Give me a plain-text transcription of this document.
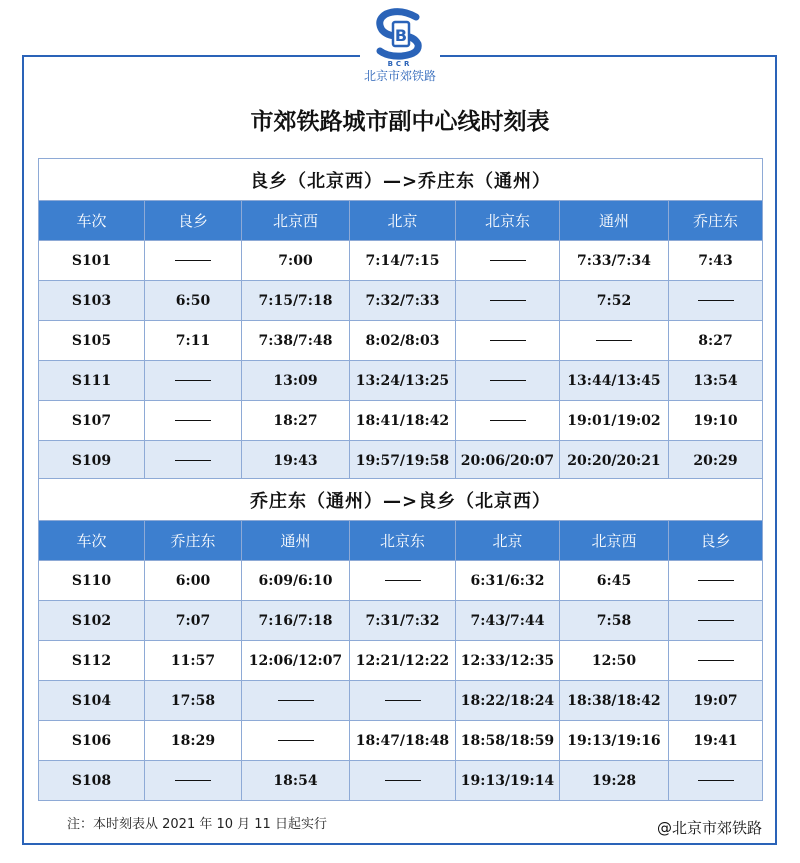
B
BCR
北京市郊铁路
市郊铁路城市副中心线时刻表
良乡（北京西）—>乔庄东（通州）						
车次	良乡	北京西	北京	北京东	通州	乔庄东
S101		7:00	7:14/7:15		7:33/7:34	7:43
S103	6:50	7:15/7:18	7:32/7:33		7:52	
S105	7:11	7:38/7:48	8:02/8:03			8:27
S111		13:09	13:24/13:25		13:44/13:45	13:54
S107		18:27	18:41/18:42		19:01/19:02	19:10
S109		19:43	19:57/19:58	20:06/20:07	20:20/20:21	20:29
乔庄东（通州）—>良乡（北京西）						
车次	乔庄东	通州	北京东	北京	北京西	良乡
S110	6:00	6:09/6:10		6:31/6:32	6:45	
S102	7:07	7:16/7:18	7:31/7:32	7:43/7:44	7:58	
S112	11:57	12:06/12:07	12:21/12:22	12:33/12:35	12:50	
S104	17:58			18:22/18:24	18:38/18:42	19:07
S106	18:29		18:47/18:48	18:58/18:59	19:13/19:16	19:41
S108		18:54		19:13/19:14	19:28	
注：本时刻表从 2021 年 10 月 11 日起实行	@北京市郊铁路
